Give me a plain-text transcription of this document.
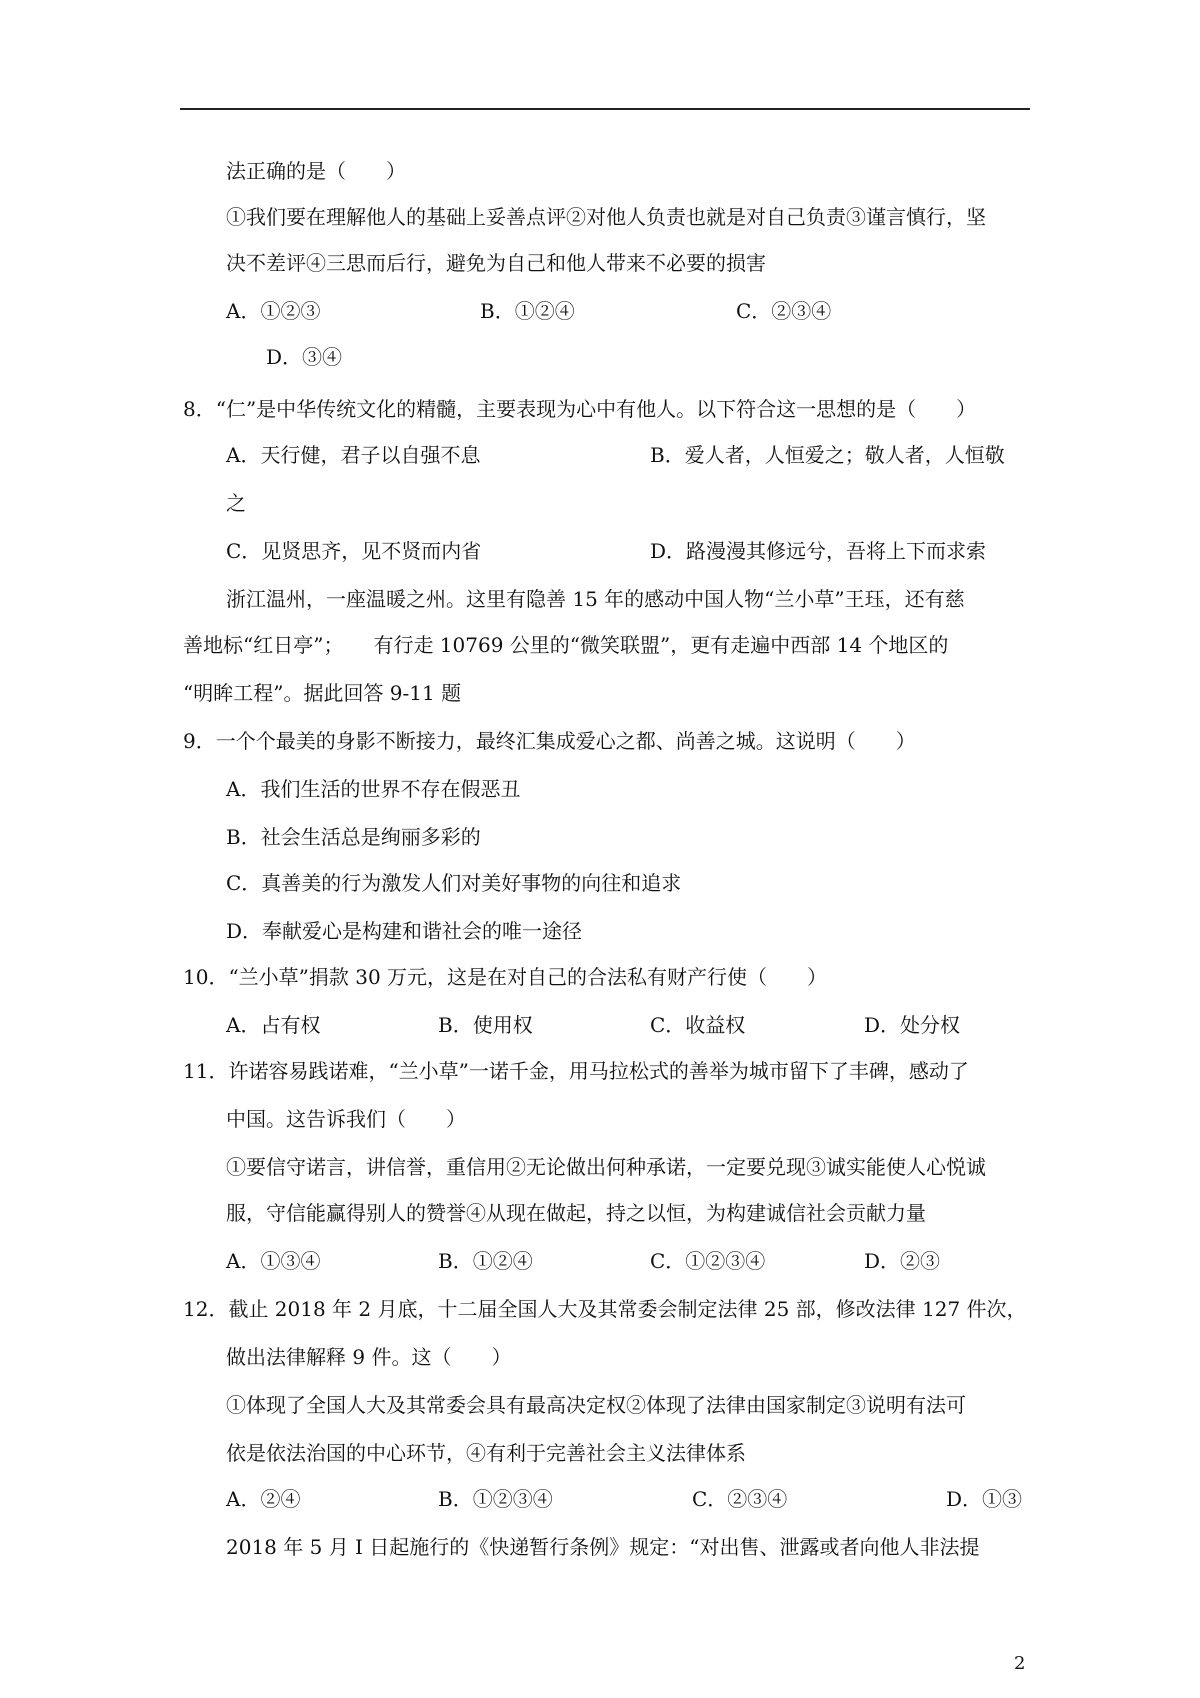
法正确的是（　　）
①我们要在理解他人的基础上妥善点评②对他人负责也就是对自己负责③谨言慎行，坚
决不差评④三思而后行，避免为自己和他人带来不必要的损害
A．①②③	B．①②④	C．②③④
D．③④
8．“仁”是中华传统文化的精髓，主要表现为心中有他人。以下符合这一思想的是（　　）
A．天行健，君子以自强不息	B．爱人者，人恒爱之；敬人者，人恒敬
之
C．见贤思齐，见不贤而内省	D．路漫漫其修远兮，吾将上下而求索
浙江温州，一座温暖之州。这里有隐善 15 年的感动中国人物“兰小草”王珏，还有慈
善地标“红日亭”；　　有行走 10769 公里的“微笑联盟”，更有走遍中西部 14 个地区的
“明眸工程”。据此回答 9-11 题
9．一个个最美的身影不断接力，最终汇集成爱心之都、尚善之城。这说明（　　）
A．我们生活的世界不存在假恶丑
B．社会生活总是绚丽多彩的
C．真善美的行为激发人们对美好事物的向往和追求
D．奉献爱心是构建和谐社会的唯一途径
10．“兰小草”捐款 30 万元，这是在对自己的合法私有财产行使（　　）
A．占有权	B．使用权	C．收益权	D．处分权
11．许诺容易践诺难，“兰小草”一诺千金，用马拉松式的善举为城市留下了丰碑，感动了
中国。这告诉我们（　　）
①要信守诺言，讲信誉，重信用②无论做出何种承诺，一定要兑现③诚实能使人心悦诚
服，守信能赢得别人的赞誉④从现在做起，持之以恒，为构建诚信社会贡献力量
A．①③④	B．①②④	C．①②③④	D．②③
12．截止 2018 年 2 月底，十二届全国人大及其常委会制定法律 25 部，修改法律 127 件次，
做出法律解释 9 件。这（　　）
①体现了全国人大及其常委会具有最高决定权②体现了法律由国家制定③说明有法可
依是依法治国的中心环节，④有利于完善社会主义法律体系
A．②④	B．①②③④	C．②③④	D．①③
2018 年 5 月 I 日起施行的《快递暂行条例》规定：“对出售、泄露或者向他人非法提
2
